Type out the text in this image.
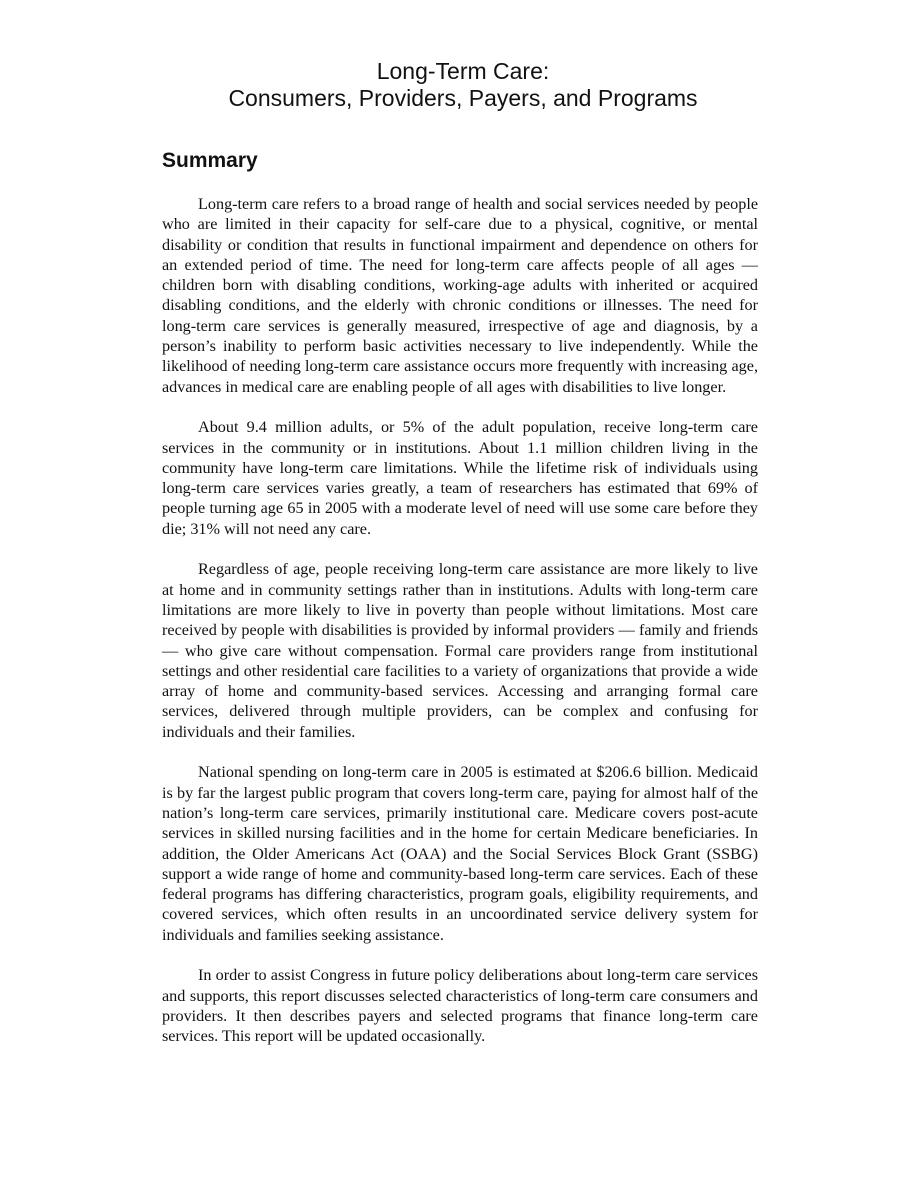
Long-Term Care:
Consumers, Providers, Payers, and Programs
Summary

Long-term care refers to a broad range of health and social services needed by people who are limited in their capacity for self-care due to a physical, cognitive, or mental disability or condition that results in functional impairment and dependence on others for an extended period of time. The need for long-term care affects people of all ages — children born with disabling conditions, working-age adults with inherited or acquired disabling conditions, and the elderly with chronic conditions or illnesses. The need for long-term care services is generally measured, irrespective of age and diagnosis, by a person’s inability to perform basic activities necessary to live independently. While the likelihood of needing long-term care assistance occurs more frequently with increasing age, advances in medical care are enabling people of all ages with disabilities to live longer.

About 9.4 million adults, or 5% of the adult population, receive long-term care services in the community or in institutions. About 1.1 million children living in the community have long-term care limitations. While the lifetime risk of individuals using long-term care services varies greatly, a team of researchers has estimated that 69% of people turning age 65 in 2005 with a moderate level of need will use some care before they die; 31% will not need any care.

Regardless of age, people receiving long-term care assistance are more likely to live at home and in community settings rather than in institutions. Adults with long-term care limitations are more likely to live in poverty than people without limitations. Most care received by people with disabilities is provided by informal providers — family and friends — who give care without compensation. Formal care providers range from institutional settings and other residential care facilities to a variety of organizations that provide a wide array of home and community-based services. Accessing and arranging formal care services, delivered through multiple providers, can be complex and confusing for individuals and their families.

National spending on long-term care in 2005 is estimated at $206.6 billion. Medicaid is by far the largest public program that covers long-term care, paying for almost half of the nation’s long-term care services, primarily institutional care. Medicare covers post-acute services in skilled nursing facilities and in the home for certain Medicare beneficiaries. In addition, the Older Americans Act (OAA) and the Social Services Block Grant (SSBG) support a wide range of home and community-based long-term care services. Each of these federal programs has differing characteristics, program goals, eligibility requirements, and covered services, which often results in an uncoordinated service delivery system for individuals and families seeking assistance.

In order to assist Congress in future policy deliberations about long-term care services and supports, this report discusses selected characteristics of long-term care consumers and providers. It then describes payers and selected programs that finance long-term care services. This report will be updated occasionally.
